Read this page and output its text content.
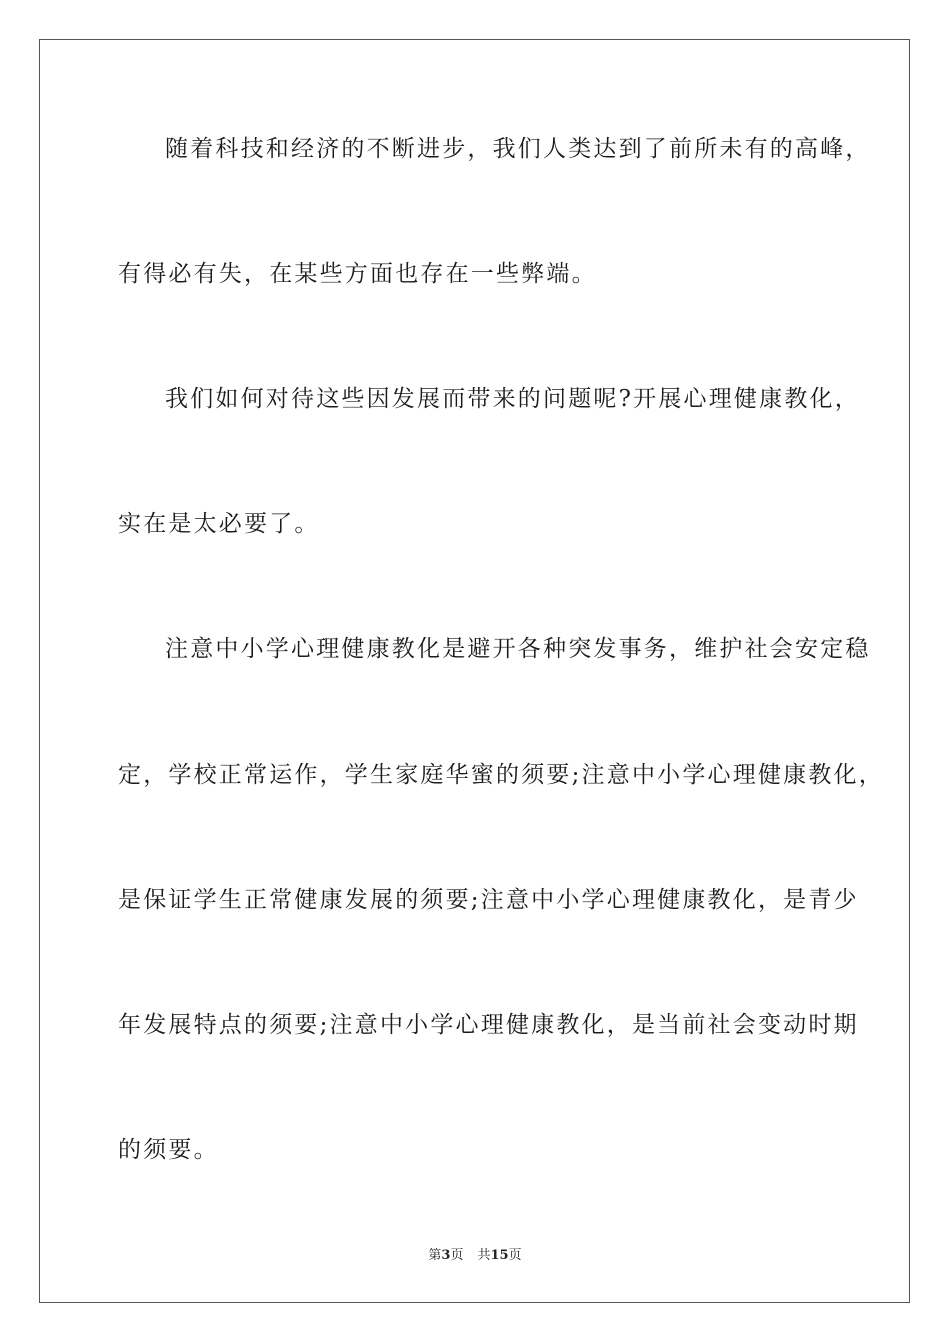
随着科技和经济的不断进步，我们人类达到了前所未有的高峰，
有得必有失，在某些方面也存在一些弊端。
我们如何对待这些因发展而带来的问题呢?开展心理健康教化，
实在是太必要了。
注意中小学心理健康教化是避开各种突发事务，维护社会安定稳
定，学校正常运作，学生家庭华蜜的须要;注意中小学心理健康教化，
是保证学生正常健康发展的须要;注意中小学心理健康教化，是青少
年发展特点的须要;注意中小学心理健康教化，是当前社会变动时期
的须要。
第3页 共15页
